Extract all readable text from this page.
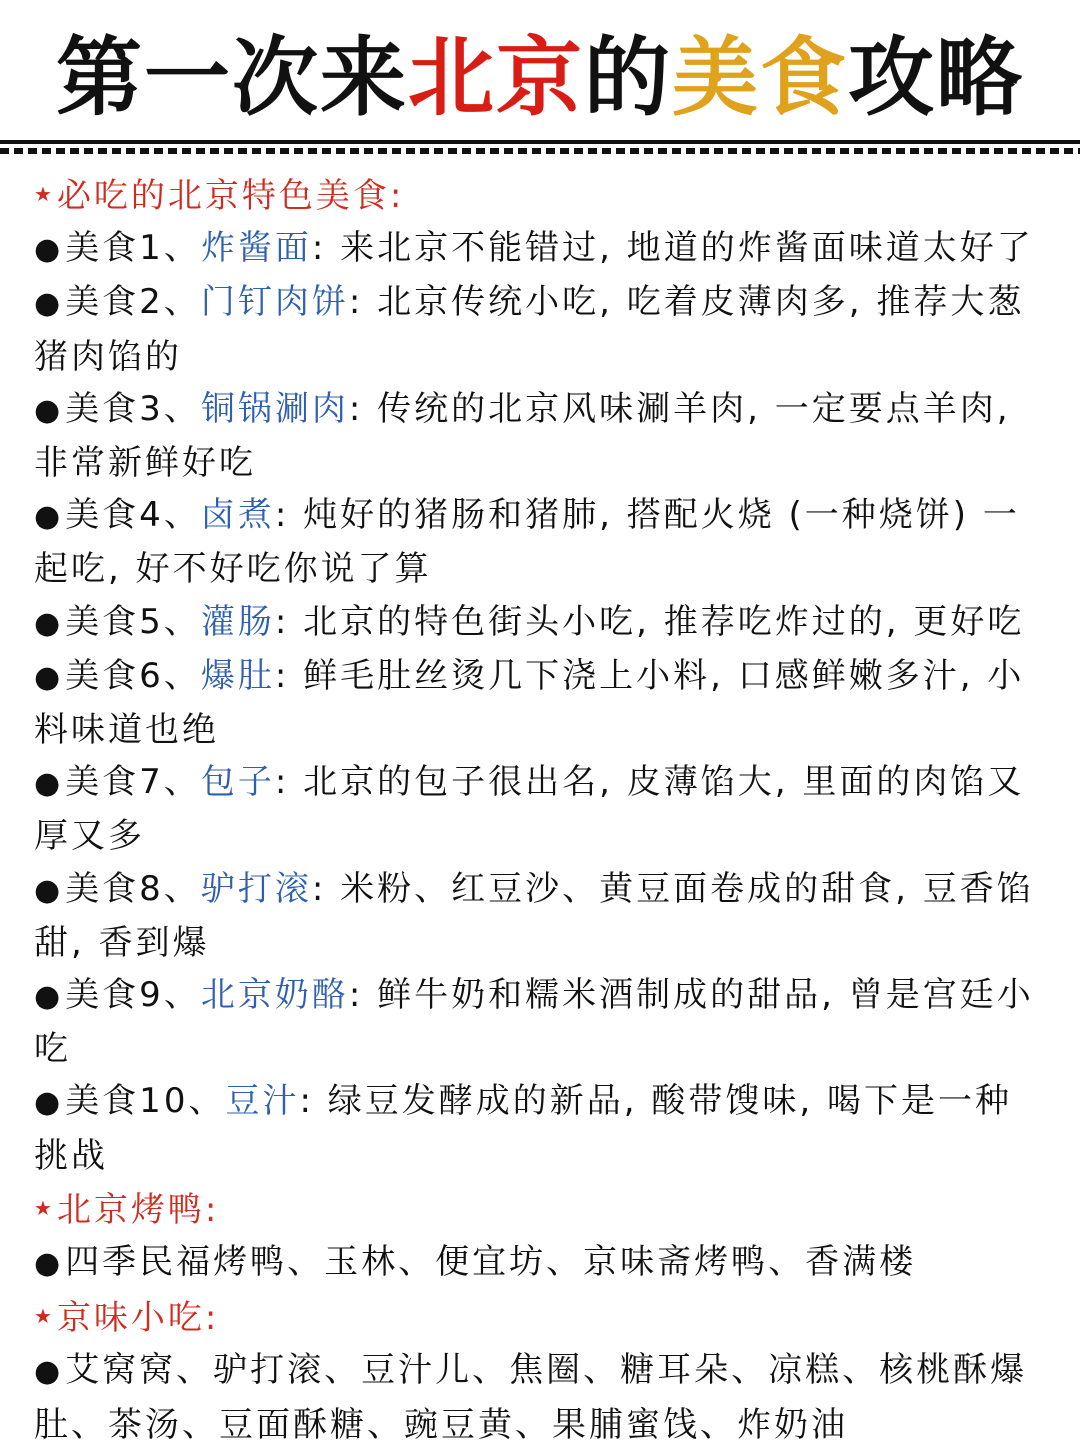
第一次来 北京 的 美食 攻略
★必吃的北京特色美食:
●美食1、炸酱面: 来北京不能错过, 地道的炸酱面味道太好了
●美食2、门钉肉饼: 北京传统小吃, 吃着皮薄肉多, 推荐大葱
猪肉馅的
●美食3、铜锅涮肉: 传统的北京风味涮羊肉, 一定要点羊肉,
非常新鲜好吃
●美食4、卤煮: 炖好的猪肠和猪肺, 搭配火烧 (一种烧饼) 一
起吃, 好不好吃你说了算
●美食5、灌肠: 北京的特色街头小吃, 推荐吃炸过的, 更好吃
●美食6、爆肚: 鲜毛肚丝烫几下浇上小料, 口感鲜嫩多汁, 小
料味道也绝
●美食7、包子: 北京的包子很出名, 皮薄馅大, 里面的肉馅又
厚又多
●美食8、驴打滚: 米粉、红豆沙、黄豆面卷成的甜食, 豆香馅
甜, 香到爆
●美食9、北京奶酪: 鲜牛奶和糯米酒制成的甜品, 曾是宫廷小
吃
●美食10、豆汁: 绿豆发酵成的新品, 酸带馊味, 喝下是一种
挑战
★北京烤鸭:
●四季民福烤鸭、玉林、便宜坊、京味斋烤鸭、香满楼
★京味小吃:
●艾窝窝、驴打滚、豆汁儿、焦圈、糖耳朵、凉糕、核桃酥爆
肚、茶汤、豆面酥糖、豌豆黄、果脯蜜饯、炸奶油
